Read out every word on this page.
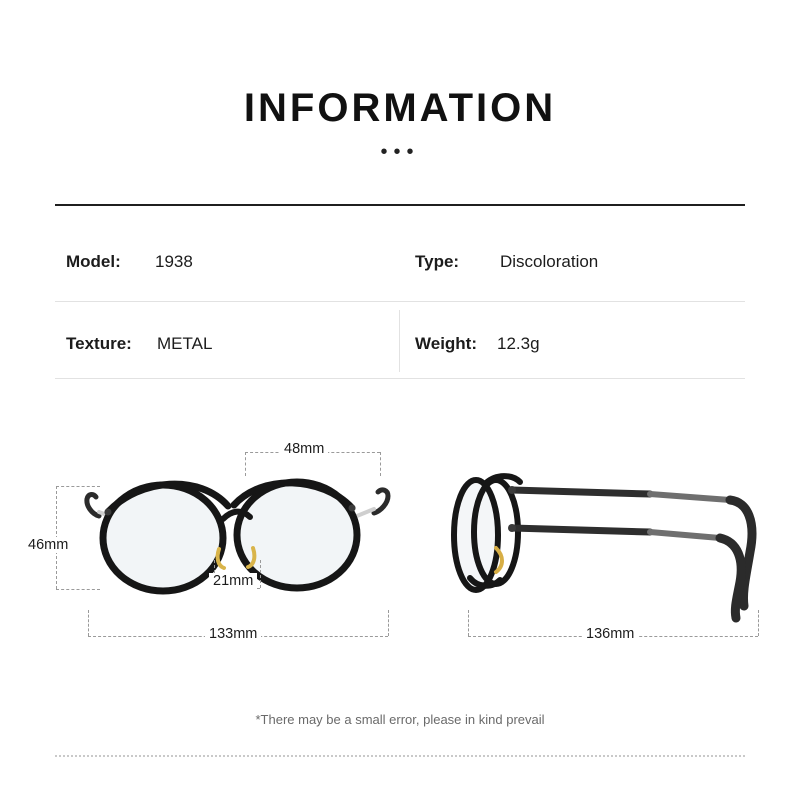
INFORMATION
•••
Model: 1938	Type: Discoloration
Texture: METAL	Weight: 12.3g
48mm
46mm
21mm
133mm	136mm
*There may be a small error, please in kind prevail
